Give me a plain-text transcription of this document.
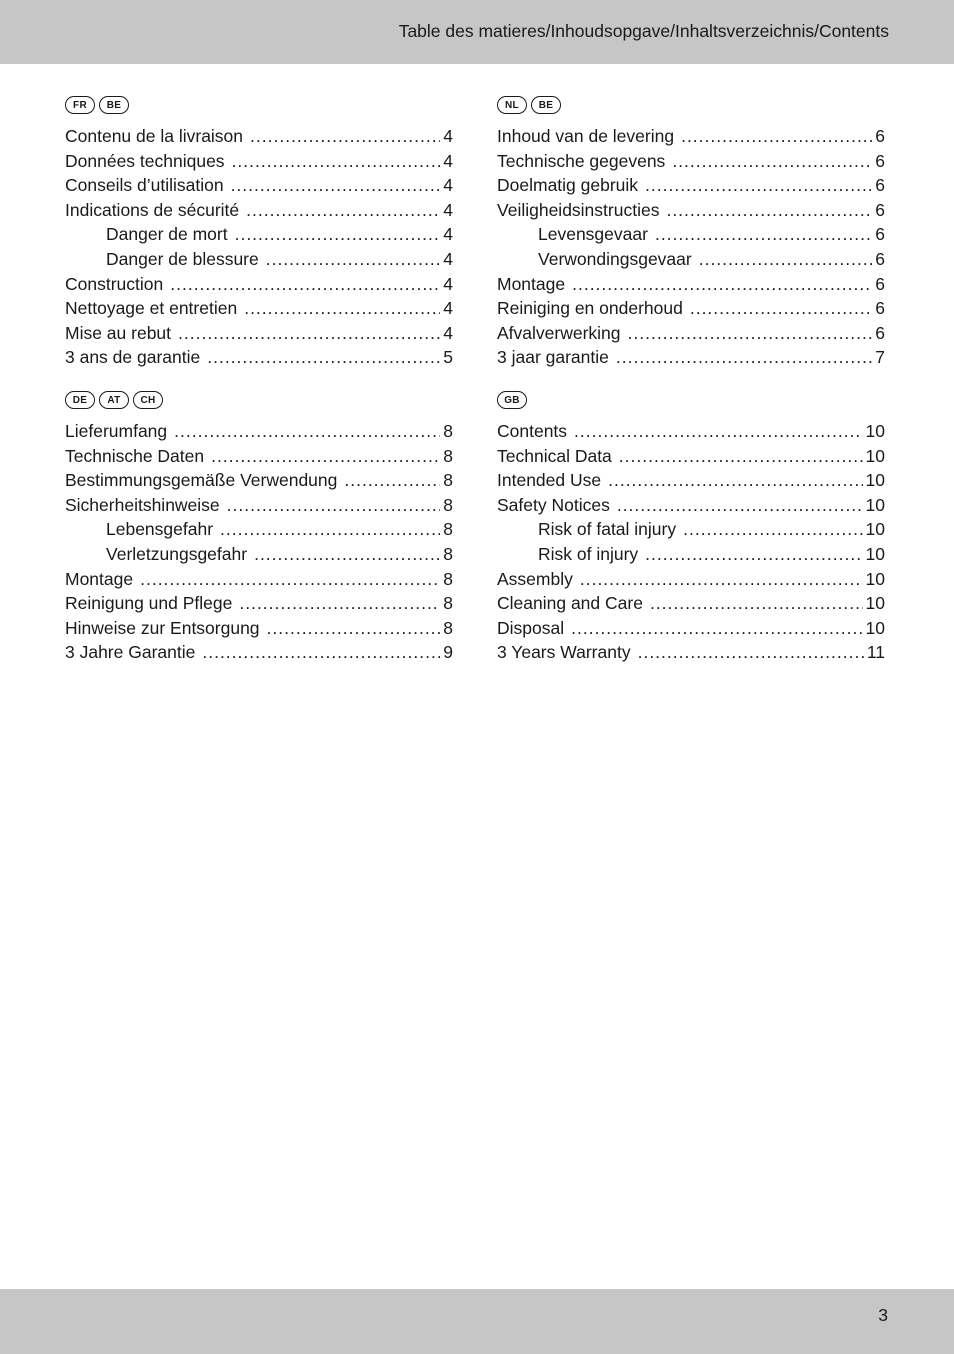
Table des matieres/Inhoudsopgave/Inhaltsverzeichnis/Contents
FR	BE
Contenu de la livraison .....	4
Données techniques .....	4
Conseils d’utilisation .....	4
Indications de sécurité .....	4
Danger de mort .....	4
Danger de blessure .....	4
Construction .....	4
Nettoyage et entretien .....	4
Mise au rebut .....	4
3 ans de garantie .....	5
NL	BE
Inhoud van de levering .....	6
Technische gegevens .....	6
Doelmatig gebruik .....	6
Veiligheidsinstructies .....	6
Levensgevaar .....	6
Verwondingsgevaar .....	6
Montage .....	6
Reiniging en onderhoud .....	6
Afvalverwerking .....	6
3 jaar garantie .....	7
DE	AT	CH
Lieferumfang .....	8
Technische Daten .....	8
Bestimmungsgemäße Verwendung .....	8
Sicherheitshinweise .....	8
Lebensgefahr .....	8
Verletzungsgefahr .....	8
Montage .....	8
Reinigung und Pflege .....	8
Hinweise zur Entsorgung .....	8
3 Jahre Garantie .....	9
GB
Contents .....	10
Technical Data .....	10
Intended Use .....	10
Safety Notices .....	10
Risk of fatal injury .....	10
Risk of injury .....	10
Assembly .....	10
Cleaning and Care .....	10
Disposal .....	10
3 Years Warranty .....	11
3
